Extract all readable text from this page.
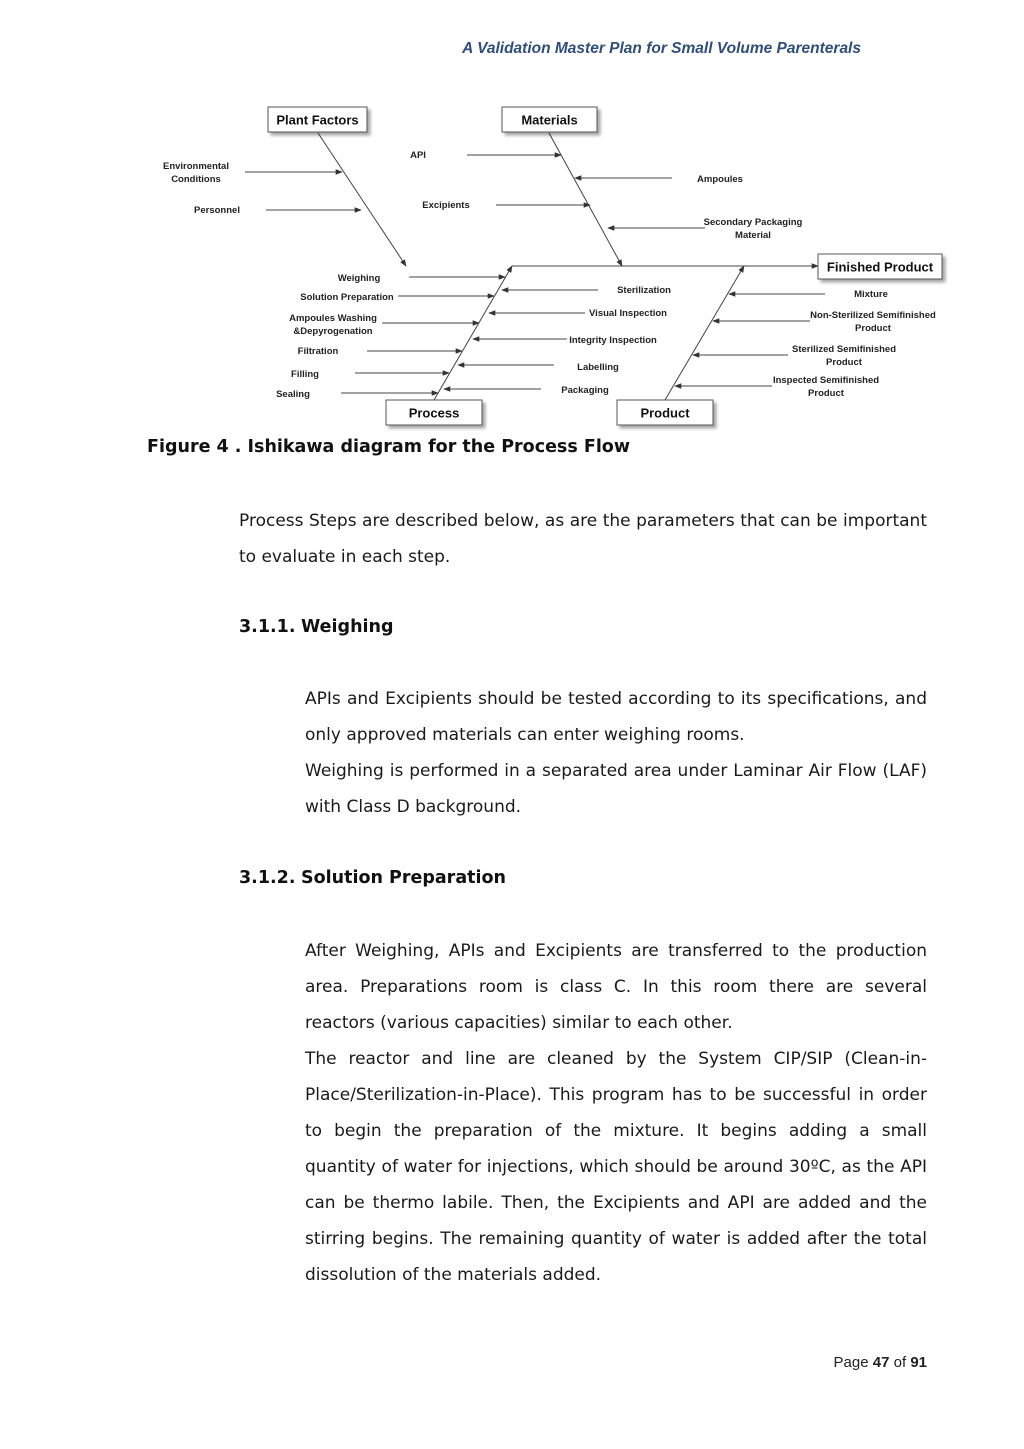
A Validation Master Plan for Small Volume Parenterals
Plant Factors	Materials
Finished Product
Process	Product
Environmental
Conditions
Personnel
API
Excipients
Ampoules
Secondary Packaging
Material
Weighing
Solution Preparation
Ampoules Washing
&Depyrogenation
Filtration
Filling
Sealing
Sterilization
Visual Inspection
Integrity Inspection
Labelling
Packaging
Mixture
Non-Sterilized Semifinished
Product
Sterilized Semifinished
Product
Inspected Semifinished
Product
Figure 4 . Ishikawa diagram for the Process Flow
Process Steps are described below, as are the parameters that can be important to evaluate in each step.
3.1.1. Weighing
APIs and Excipients should be tested according to its specifications, and only approved materials can enter weighing rooms.
Weighing is performed in a separated area under Laminar Air Flow (LAF) with Class D background.
3.1.2. Solution Preparation
After Weighing, APIs and Excipients are transferred to the production area. Preparations room is class C. In this room there are several reactors (various capacities) similar to each other.
The reactor and line are cleaned by the System CIP/SIP (Clean-in-Place/Sterilization-in-Place). This program has to be successful in order to begin the preparation of the mixture. It begins adding a small quantity of water for injections, which should be around 30ºC, as the API can be thermo labile. Then, the Excipients and API are added and the stirring begins. The remaining quantity of water is added after the total dissolution of the materials added.
Page 47 of 91
